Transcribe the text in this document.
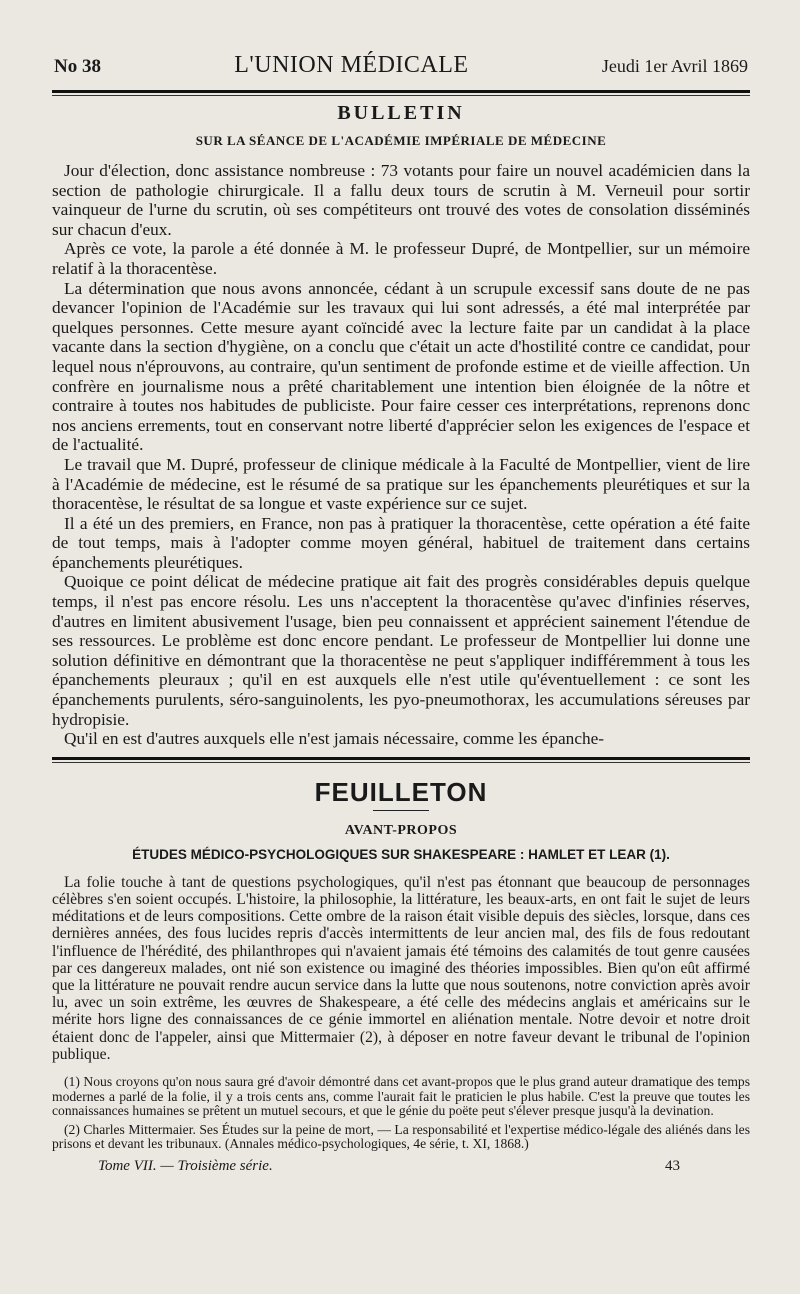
No 38	L'UNION MÉDICALE	Jeudi 1er Avril 1869
BULLETIN
SUR LA SÉANCE DE L'ACADÉMIE IMPÉRIALE DE MÉDECINE

Jour d'élection, donc assistance nombreuse : 73 votants pour faire un nouvel académicien dans la section de pathologie chirurgicale. Il a fallu deux tours de scrutin à M. Verneuil pour sortir vainqueur de l'urne du scrutin, où ses compétiteurs ont trouvé des votes de consolation disséminés sur chacun d'eux.

Après ce vote, la parole a été donnée à M. le professeur Dupré, de Montpellier, sur un mémoire relatif à la thoracentèse.

La détermination que nous avons annoncée, cédant à un scrupule excessif sans doute de ne pas devancer l'opinion de l'Académie sur les travaux qui lui sont adressés, a été mal interprétée par quelques personnes. Cette mesure ayant coïncidé avec la lecture faite par un candidat à la place vacante dans la section d'hygiène, on a conclu que c'était un acte d'hostilité contre ce candidat, pour lequel nous n'éprouvons, au contraire, qu'un sentiment de profonde estime et de vieille affection. Un confrère en journalisme nous a prêté charitablement une intention bien éloignée de la nôtre et contraire à toutes nos habitudes de publiciste. Pour faire cesser ces interprétations, reprenons donc nos anciens errements, tout en conservant notre liberté d'apprécier selon les exigences de l'espace et de l'actualité.

Le travail que M. Dupré, professeur de clinique médicale à la Faculté de Montpellier, vient de lire à l'Académie de médecine, est le résumé de sa pratique sur les épanchements pleurétiques et sur la thoracentèse, le résultat de sa longue et vaste expérience sur ce sujet.

Il a été un des premiers, en France, non pas à pratiquer la thoracentèse, cette opération a été faite de tout temps, mais à l'adopter comme moyen général, habituel de traitement dans certains épanchements pleurétiques.

Quoique ce point délicat de médecine pratique ait fait des progrès considérables depuis quelque temps, il n'est pas encore résolu. Les uns n'acceptent la thoracentèse qu'avec d'infinies réserves, d'autres en limitent abusivement l'usage, bien peu connaissent et apprécient sainement l'étendue de ses ressources. Le problème est donc encore pendant. Le professeur de Montpellier lui donne une solution définitive en démontrant que la thoracentèse ne peut s'appliquer indifféremment à tous les épanchements pleuraux ; qu'il en est auxquels elle n'est utile qu'éventuellement : ce sont les épanchements purulents, séro-sanguinolents, les pyo-pneumothorax, les accumulations séreuses par hydropisie.

Qu'il en est d'autres auxquels elle n'est jamais nécessaire, comme les épanche-

FEUILLETON
AVANT-PROPOS
ÉTUDES MÉDICO-PSYCHOLOGIQUES SUR SHAKESPEARE : HAMLET ET LEAR (1).

La folie touche à tant de questions psychologiques, qu'il n'est pas étonnant que beaucoup de personnages célèbres s'en soient occupés. L'histoire, la philosophie, la littérature, les beaux-arts, en ont fait le sujet de leurs méditations et de leurs compositions. Cette ombre de la raison était visible depuis des siècles, lorsque, dans ces dernières années, des fous lucides repris d'accès intermittents de leur ancien mal, des fils de fous redoutant l'influence de l'hérédité, des philanthropes qui n'avaient jamais été témoins des calamités de tout genre causées par ces dangereux malades, ont nié son existence ou imaginé des théories impossibles. Bien qu'on eût affirmé que la littérature ne pouvait rendre aucun service dans la lutte que nous soutenons, notre conviction après avoir lu, avec un soin extrême, les œuvres de Shakespeare, a été celle des médecins anglais et américains sur le mérite hors ligne des connaissances de ce génie immortel en aliénation mentale. Notre devoir et notre droit étaient donc de l'appeler, ainsi que Mittermaier (2), à déposer en notre faveur devant le tribunal de l'opinion publique.

(1) Nous croyons qu'on nous saura gré d'avoir démontré dans cet avant-propos que le plus grand auteur dramatique des temps modernes a parlé de la folie, il y a trois cents ans, comme l'aurait fait le praticien le plus habile. C'est la preuve que toutes les connaissances humaines se prêtent un mutuel secours, et que le génie du poëte peut s'élever presque jusqu'à la devination.

(2) Charles Mittermaier. Ses Études sur la peine de mort, — La responsabilité et l'expertise médico-légale des aliénés dans les prisons et devant les tribunaux. (Annales médico-psychologiques, 4e série, t. XI, 1868.)

Tome VII. — Troisième série.	43
